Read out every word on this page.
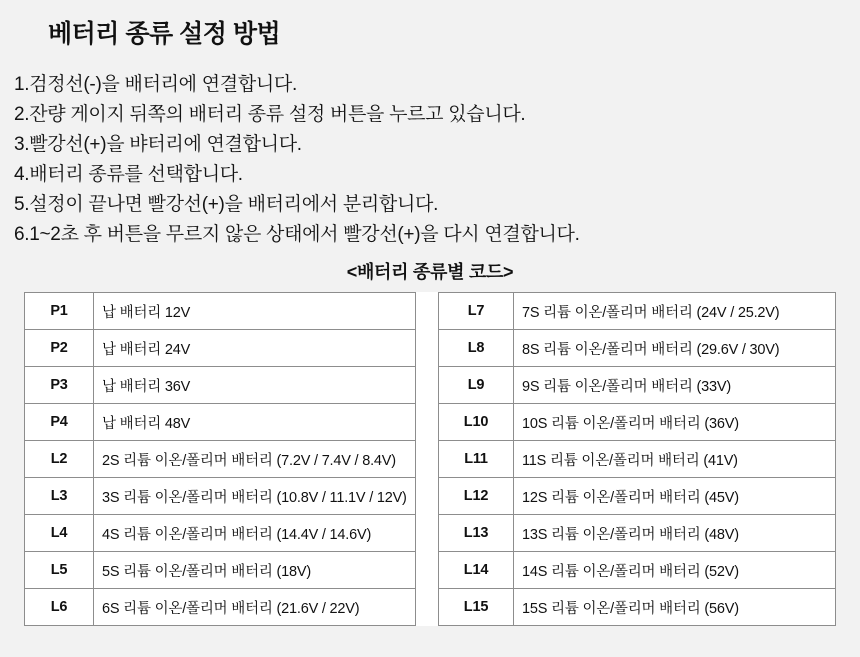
베터리 종류 설정 방법
1.검정선(-)을 배터리에 연결합니다.
2.잔량 게이지 뒤쪽의 배터리 종류 설정 버튼을 누르고 있습니다.
3.빨강선(+)을 뱌터리에 연결합니다.
4.배터리 종류를 선택합니다.
5.설정이 끝나면 빨강선(+)을 배터리에서 분리합니다.
6.1~2초 후 버튼을 무르지 않은 상태에서 빨강선(+)을 다시 연결합니다.
<배터리 종류별 코드>
P1	납 배터리 12V		L7	7S 리튬 이온/폴리머 배터리 (24V / 25.2V)
P2	납 배터리 24V		L8	8S 리튬 이온/폴리머 배터리 (29.6V / 30V)
P3	납 배터리 36V		L9	9S 리튬 이온/폴리머 배터리 (33V)
P4	납 배터리 48V		L10	10S 리튬 이온/폴리머 배터리 (36V)
L2	2S 리튬 이온/폴리머 배터리 (7.2V / 7.4V / 8.4V)		L11	11S 리튬 이온/폴리머 배터리 (41V)
L3	3S 리튬 이온/폴리머 배터리 (10.8V / 11.1V / 12V)		L12	12S 리튬 이온/폴리머 배터리 (45V)
L4	4S 리튬 이온/폴리머 배터리 (14.4V / 14.6V)		L13	13S 리튬 이온/폴리머 배터리 (48V)
L5	5S 리튬 이온/폴리머 배터리 (18V)		L14	14S 리튬 이온/폴리머 배터리 (52V)
L6	6S 리튬 이온/폴리머 배터리 (21.6V / 22V)		L15	15S 리튬 이온/폴리머 배터리 (56V)
